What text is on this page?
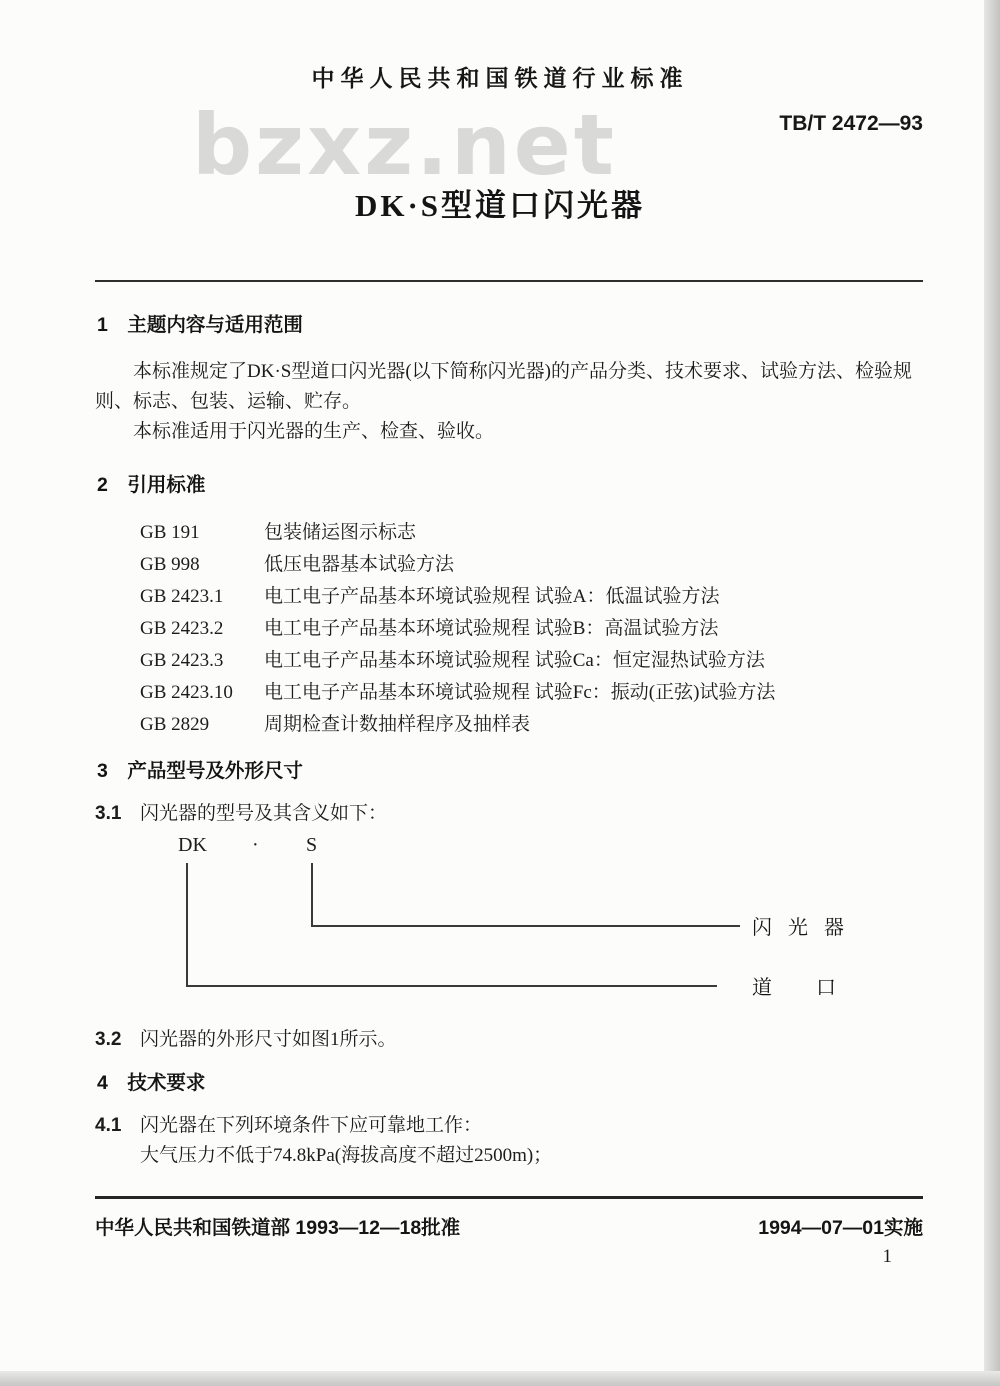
bzxz.net
中华人民共和国铁道行业标准
TB/T 2472—93
DK·S型道口闪光器
1　主题内容与适用范围

本标准规定了DK·S型道口闪光器(以下简称闪光器)的产品分类、技术要求、试验方法、检验规则、标志、包装、运输、贮存。

本标准适用于闪光器的生产、检查、验收。

2　引用标准
GB 191	包装储运图示标志
GB 998	低压电器基本试验方法
GB 2423.1	电工电子产品基本环境试验规程 试验A：低温试验方法
GB 2423.2	电工电子产品基本环境试验规程 试验B：高温试验方法
GB 2423.3	电工电子产品基本环境试验规程 试验Ca：恒定湿热试验方法
GB 2423.10	电工电子产品基本环境试验规程 试验Fc：振动(正弦)试验方法
GB 2829	周期检查计数抽样程序及抽样表
3　产品型号及外形尺寸
3.1 闪光器的型号及其含义如下：
DK · S
闪光器
道口
3.2 闪光器的外形尺寸如图1所示。
4　技术要求
4.1 闪光器在下列环境条件下应可靠地工作：
大气压力不低于74.8kPa(海拔高度不超过2500m)；
中华人民共和国铁道部 1993—12—18批准	1994—07—01实施
1
